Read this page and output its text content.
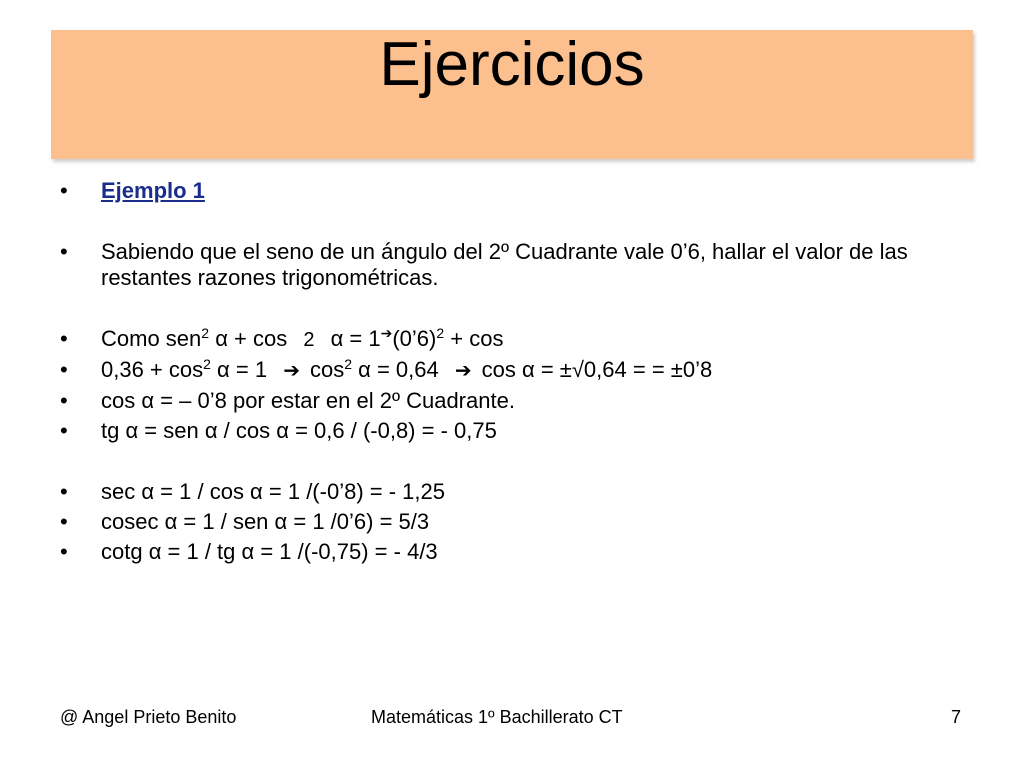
Ejercicios
• Ejemplo 1
• Sabiendo que el seno de un ángulo del 2º Cuadrante vale 0’6, hallar el valor de las restantes razones trigonométricas.
• Como sen$^2$ α + cos 2 α = 1➔(0’6)$^2$ + cos
• $0,36 + \cos^2 \alpha = 1$ ➔ $\cos^2 \alpha = 0,64$ ➔ cos α = ±√0,64 = = ±0’8
• cos α = – 0’8 por estar en el 2º Cuadrante.
• tg α = sen α / cos α = 0,6 / (-0,8) = - 0,75
• sec α = 1 / cos α = 1 /(-0’8) = - 1,25
• cosec α = 1 / sen α = 1 /0’6) = 5/3
• cotg α = 1 / tg α = 1 /(-0,75) = - 4/3
@ Angel Prieto Benito	Matemáticas 1º Bachillerato CT	7
